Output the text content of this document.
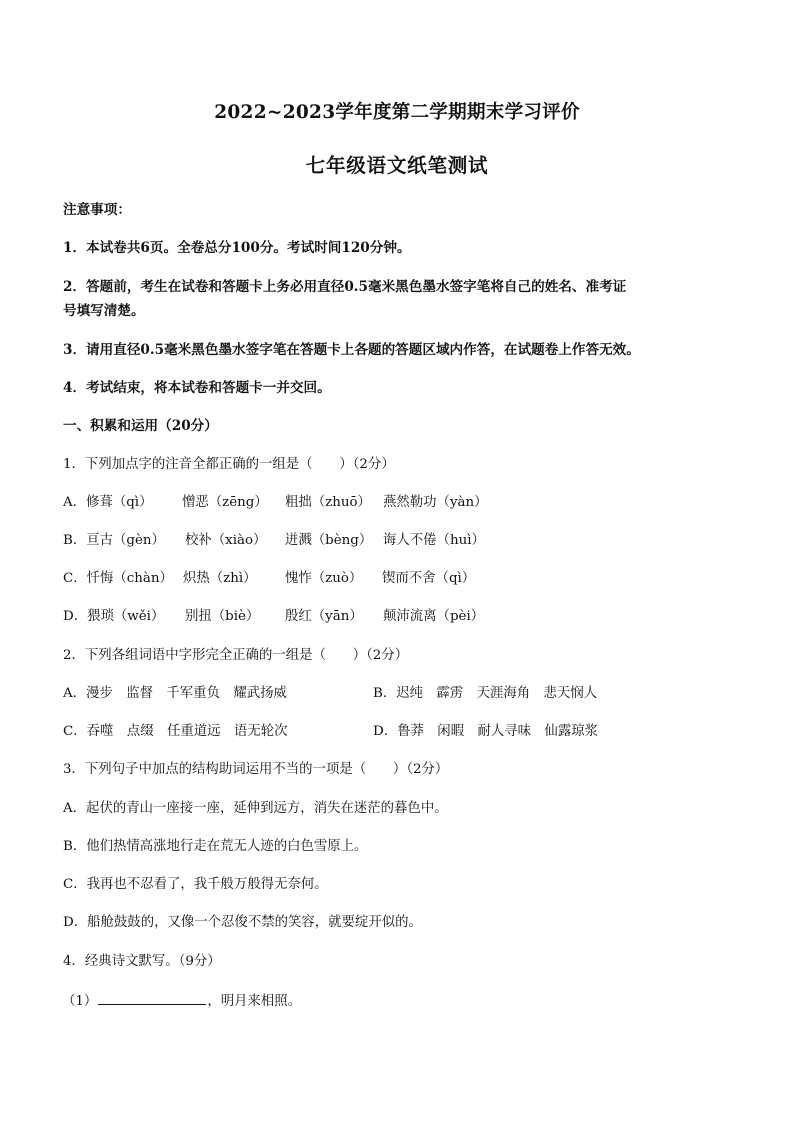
2022~2023学年度第二学期期末学习评价
七年级语文纸笔测试
注意事项：
1．本试卷共6页。全卷总分100分。考试时间120分钟。
2．答题前，考生在试卷和答题卡上务必用直径0.5毫米黑色墨水签字笔将自己的姓名、准考证
号填写清楚。
3．请用直径0.5毫米黑色墨水签字笔在答题卡上各题的答题区域内作答，在试题卷上作答无效。
4．考试结束，将本试卷和答题卡一并交回。
一、积累和运用（20分）
1．下列加点字的注音全都正确的一组是（　　）（2分）
A．修葺（qì） 憎恶（zēng） 粗拙（zhuō） 燕然勒功（yàn）
B．亘古（gèn） 校补（xiào） 迸溅（bèng） 诲人不倦（huì）
C．忏悔（chàn） 炽热（zhì） 愧怍（zuò） 锲而不舍（qì）
D．猥琐（wěi） 别扭（biè） 殷红（yān） 颠沛流离（pèi）
2．下列各组词语中字形完全正确的一组是（　　）（2分）
A．漫步　监督　千军重负　耀武扬威	B．迟纯　霹雳　天涯海角　悲天悯人
C．吞噬　点缀　任重道远　语无轮次	D．鲁莽　闲暇　耐人寻味　仙露琼浆
3．下列句子中加点的结构助词运用不当的一项是（　　）（2分）
A．起伏的青山一座接一座，延伸到远方，消失在迷茫的暮色中。
B．他们热情高涨地行走在荒无人迹的白色雪原上。
C．我再也不忍看了，我千般万般得无奈何。
D．船舱鼓鼓的，又像一个忍俊不禁的笑容，就要绽开似的。
4．经典诗文默写。（9分）
（1）	，明月来相照。
